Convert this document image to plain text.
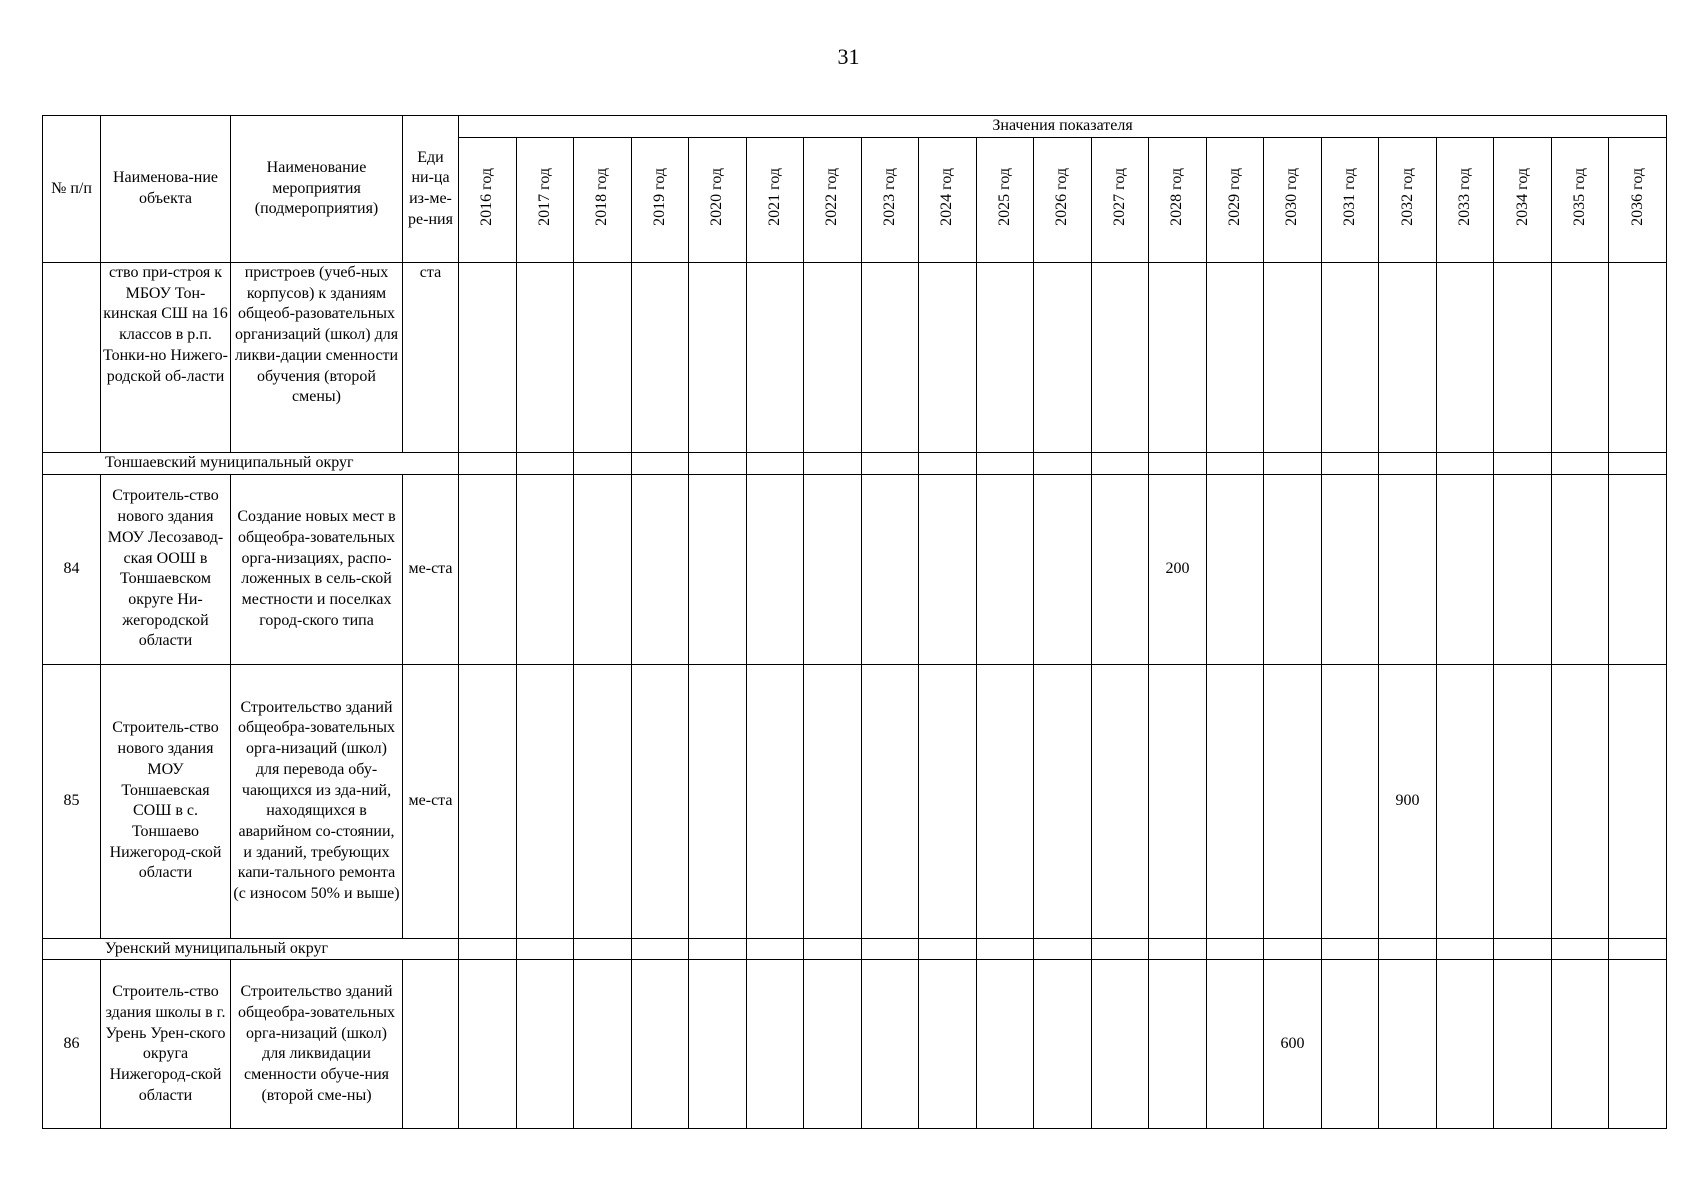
31
№ п/п	Наименова-ние объекта	Наименование мероприятия (подмероприятия)	Еди ни-ца из-ме-ре-ния	Значения показателя																				
				2016 год	2017 год	2018 год	2019 год	2020 год	2021 год	2022 год	2023 год	2024 год	2025 год	2026 год	2027 год	2028 год	2029 год	2030 год	2031 год	2032 год	2033 год	2034 год	2035 год	2036 год
	ство при-строя к МБОУ Тон-кинская СШ на 16 классов в р.п. Тонки-но Нижего-родской об-ласти	пристроев (учеб-ных корпусов) к зданиям общеоб-разовательных организаций (школ) для ликви-дации сменности обучения (второй смены)	ста																					
Тоншаевский муниципальный округ																								
84	Строитель-ство нового здания МОУ Лесозавод-ская ООШ в Тоншаевском округе Ни-жегородской области	Создание новых мест в общеобра-зовательных орга-низациях, распо-ложенных в сель-ской местности и поселках город-ского типа	ме-ста													200								
85	Строитель-ство нового здания МОУ Тоншаевская СОШ в с. Тоншаево Нижегород-ской области	Строительство зданий общеобра-зовательных орга-низаций (школ) для перевода обу-чающихся из зда-ний, находящихся в аварийном со-стоянии, и зданий, требующих капи-тального ремонта (с износом 50% и выше)	ме-ста																	900				
Уренский муниципальный округ																								
86	Строитель-ство здания школы в г. Урень Урен-ского округа Нижегород-ской области	Строительство зданий общеобра-зовательных орга-низаций (школ) для ликвидации сменности обуче-ния (второй сме-ны)																600						
